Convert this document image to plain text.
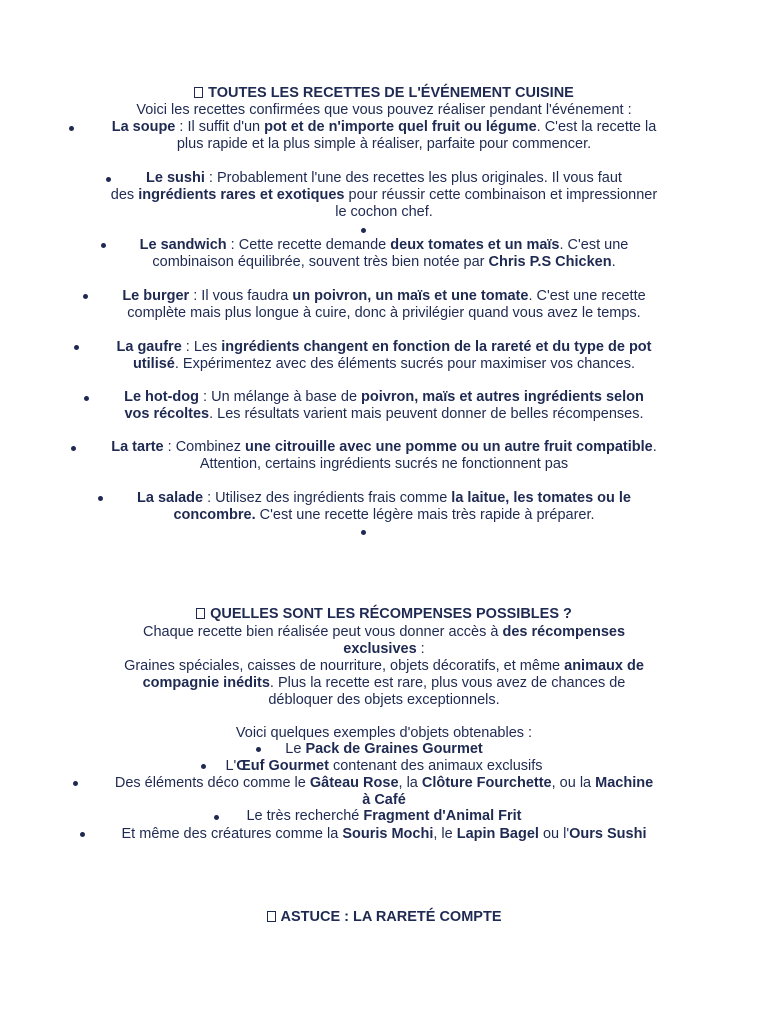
TOUTES LES RECETTES DE L'ÉVÉNEMENT CUISINE
Voici les recettes confirmées que vous pouvez réaliser pendant l'événement :
La soupe : Il suffit d'un pot et de n'importe quel fruit ou légume. C'est la recette la
plus rapide et la plus simple à réaliser, parfaite pour commencer.
Le sushi : Probablement l'une des recettes les plus originales. Il vous faut
des ingrédients rares et exotiques pour réussir cette combinaison et impressionner
le cochon chef.
Le sandwich : Cette recette demande deux tomates et un maïs. C'est une
combinaison équilibrée, souvent très bien notée par Chris P.S Chicken.
Le burger : Il vous faudra un poivron, un maïs et une tomate. C'est une recette
complète mais plus longue à cuire, donc à privilégier quand vous avez le temps.
La gaufre : Les ingrédients changent en fonction de la rareté et du type de pot
utilisé. Expérimentez avec des éléments sucrés pour maximiser vos chances.
Le hot-dog : Un mélange à base de poivron, maïs et autres ingrédients selon
vos récoltes. Les résultats varient mais peuvent donner de belles récompenses.
La tarte : Combinez une citrouille avec une pomme ou un autre fruit compatible.
Attention, certains ingrédients sucrés ne fonctionnent pas
La salade : Utilisez des ingrédients frais comme la laitue, les tomates ou le
concombre. C'est une recette légère mais très rapide à préparer.
QUELLES SONT LES RÉCOMPENSES POSSIBLES ?
Chaque recette bien réalisée peut vous donner accès à des récompenses
exclusives :
Graines spéciales, caisses de nourriture, objets décoratifs, et même animaux de
compagnie inédits. Plus la recette est rare, plus vous avez de chances de
débloquer des objets exceptionnels.
Voici quelques exemples d'objets obtenables :
Le Pack de Graines Gourmet
L'Œuf Gourmet contenant des animaux exclusifs
Des éléments déco comme le Gâteau Rose, la Clôture Fourchette, ou la Machine
à Café
Le très recherché Fragment d'Animal Frit
Et même des créatures comme la Souris Mochi, le Lapin Bagel ou l'Ours Sushi
ASTUCE : LA RARETÉ COMPTE
